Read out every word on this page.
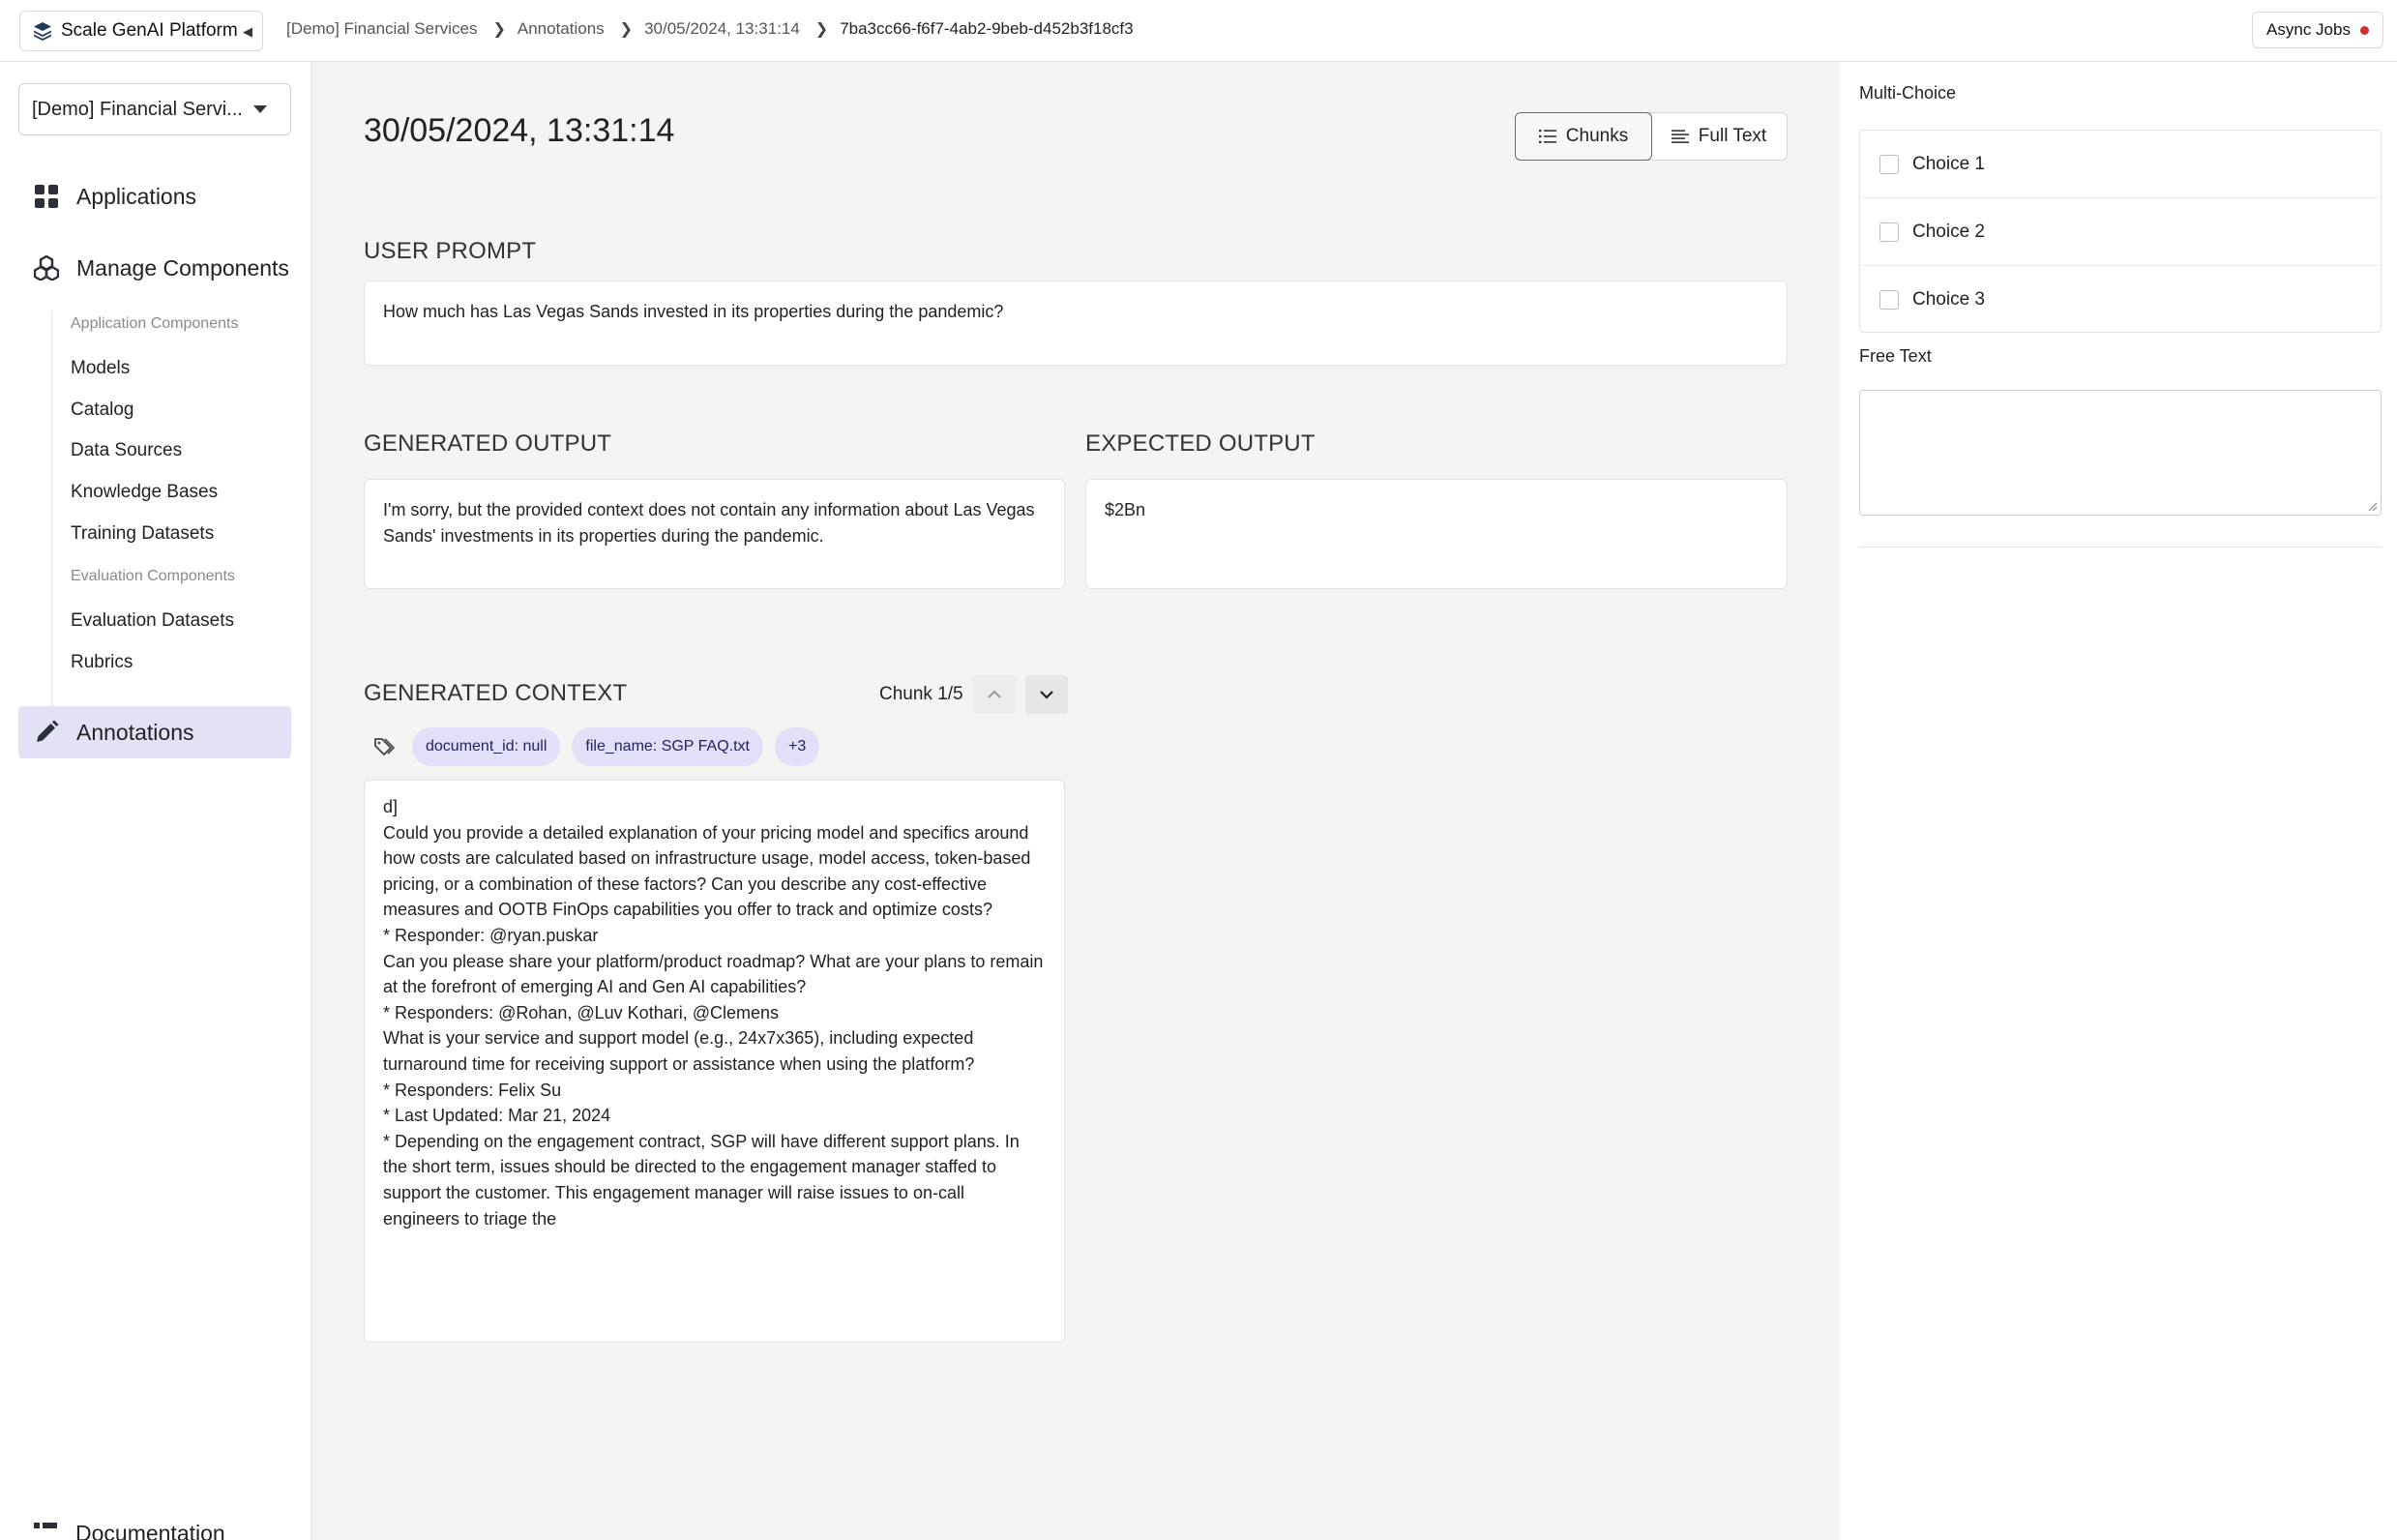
Scale GenAI Platform ◀ [Demo] Financial Services ❯ Annotations ❯ 30/05/2024, 13:31:14 ❯ 7ba3cc66-f6f7-4ab2-9beb-d452b3f18cf3	Async Jobs
[Demo] Financial Servi...
Applications
Manage Components
Application Components
Models
Catalog
Data Sources
Knowledge Bases
Training Datasets
Evaluation Components
Evaluation Datasets
Rubrics
Annotations
Documentation
30/05/2024, 13:31:14	Chunks	Full Text
USER PROMPT
How much has Las Vegas Sands invested in its properties during the pandemic?
GENERATED OUTPUT
I'm sorry, but the provided context does not contain any information about Las Vegas Sands' investments in its properties during the pandemic.
EXPECTED OUTPUT
$2Bn
GENERATED CONTEXT	Chunk 1/5
document_id: null	file_name: SGP FAQ.txt	+3
d]
Could you provide a detailed explanation of your pricing model and specifics around how costs are calculated based on infrastructure usage, model access, token-based pricing, or a combination of these factors? Can you describe any cost-effective measures and OOTB FinOps capabilities you offer to track and optimize costs?
* Responder: @ryan.puskar
Can you please share your platform/product roadmap? What are your plans to remain at the forefront of emerging AI and Gen AI capabilities?
* Responders: @Rohan, @Luv Kothari, @Clemens
What is your service and support model (e.g., 24x7x365), including expected turnaround time for receiving support or assistance when using the platform?
* Responders: Felix Su
* Last Updated: Mar 21, 2024
* Depending on the engagement contract, SGP will have different support plans. In the short term, issues should be directed to the engagement manager staffed to support the customer. This engagement manager will raise issues to on-call engineers to triage the
Multi-Choice
Choice 1
Choice 2
Choice 3
Free Text
